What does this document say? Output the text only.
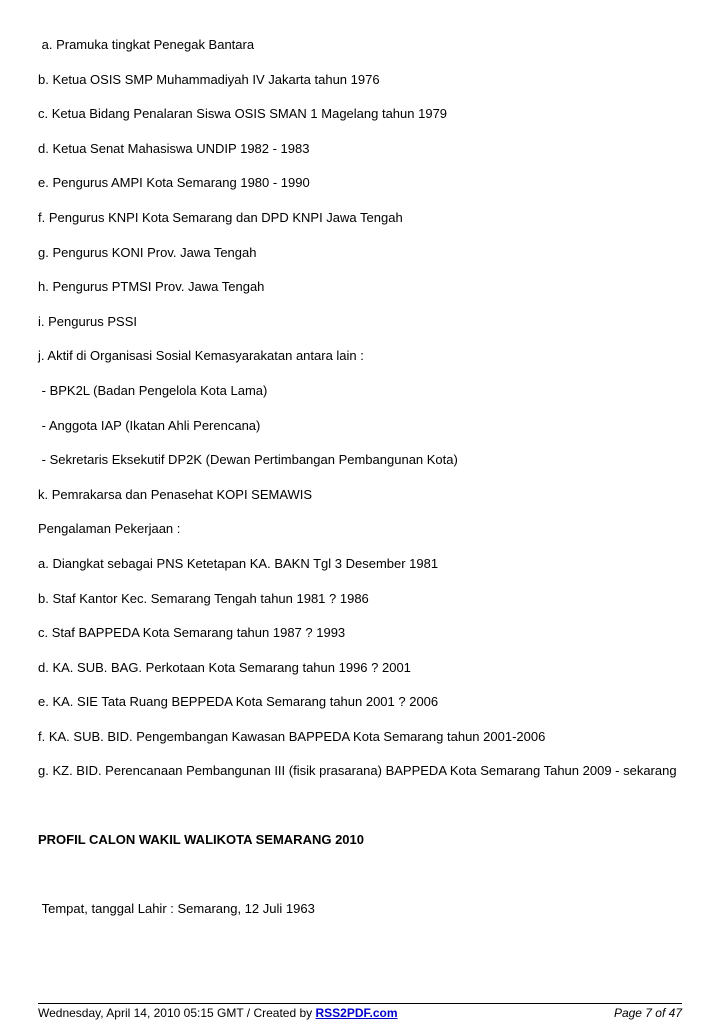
a. Pramuka tingkat Penegak Bantara
b. Ketua OSIS SMP Muhammadiyah IV Jakarta tahun 1976
c. Ketua Bidang Penalaran Siswa OSIS SMAN 1 Magelang tahun 1979
d. Ketua Senat Mahasiswa UNDIP 1982 - 1983
e. Pengurus AMPI Kota Semarang 1980 - 1990
f. Pengurus KNPI Kota Semarang dan DPD KNPI Jawa Tengah
g. Pengurus KONI Prov. Jawa Tengah
h. Pengurus PTMSI Prov. Jawa Tengah
i. Pengurus PSSI
j. Aktif di Organisasi Sosial Kemasyarakatan antara lain :
- BPK2L (Badan Pengelola Kota Lama)
- Anggota IAP (Ikatan Ahli Perencana)
- Sekretaris Eksekutif DP2K (Dewan Pertimbangan Pembangunan Kota)
k. Pemrakarsa dan Penasehat KOPI SEMAWIS
Pengalaman Pekerjaan :
a. Diangkat sebagai PNS Ketetapan KA. BAKN Tgl 3 Desember 1981
b. Staf Kantor Kec. Semarang Tengah tahun 1981 ? 1986
c. Staf BAPPEDA Kota Semarang tahun 1987 ? 1993
d. KA. SUB. BAG. Perkotaan Kota Semarang tahun 1996 ? 2001
e. KA. SIE Tata Ruang BEPPEDA Kota Semarang tahun 2001 ? 2006
f. KA. SUB. BID. Pengembangan Kawasan BAPPEDA Kota Semarang tahun 2001-2006
g. KZ. BID. Perencanaan Pembangunan III (fisik prasarana) BAPPEDA Kota Semarang Tahun 2009 - sekarang
PROFIL CALON WAKIL WALIKOTA SEMARANG 2010
Tempat, tanggal Lahir : Semarang, 12 Juli 1963
Wednesday, April 14, 2010 05:15 GMT / Created by RSS2PDF.com	Page 7 of 47
